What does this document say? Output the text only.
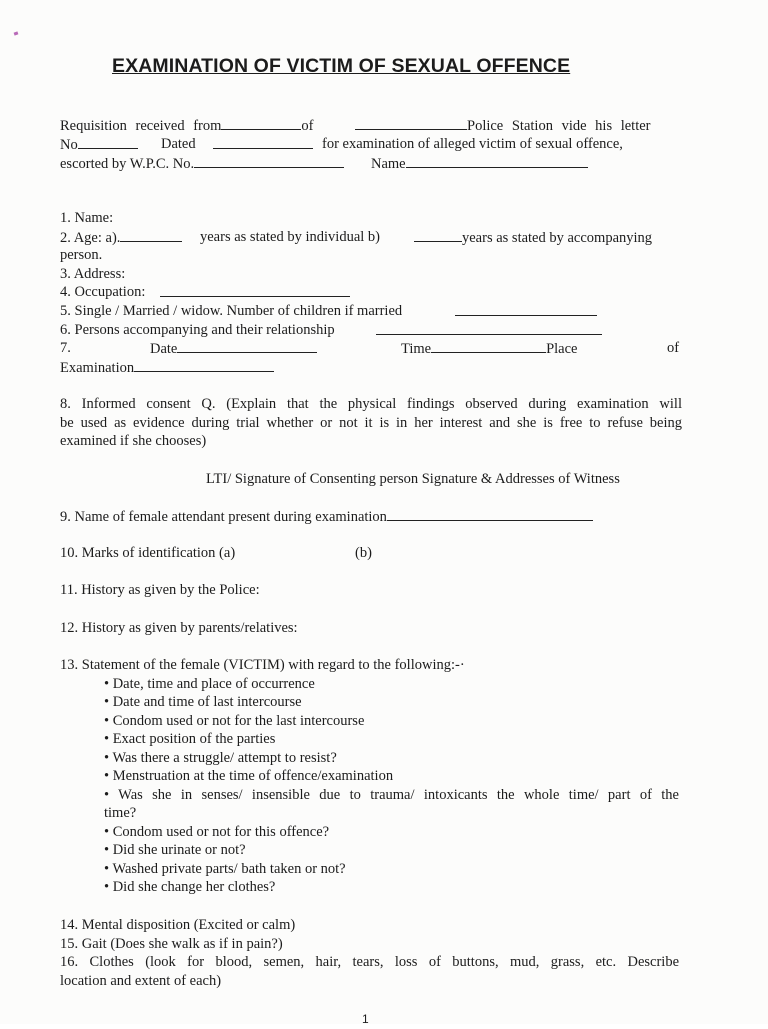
EXAMINATION OF VICTIM OF SEXUAL OFFENCE
Requisition received from	of	Police Station vide his letter
No	Dated	for examination of alleged victim of sexual offence,
escorted by W.P.C. No.	Name
1. Name:
2. Age: a).	years as stated by individual b)	years as stated by accompanying
person.
3. Address:
4. Occupation:
5. Single / Married / widow. Number of children if married
6. Persons accompanying and their relationship
7.	Date	Time	Place	of
Examination
8. Informed consent Q. (Explain that the physical findings observed during examination will
be used as evidence during trial whether or not it is in her interest and she is free to refuse being
examined if she chooses)
LTI/ Signature of Consenting person Signature & Addresses of Witness
9. Name of female attendant present during examination
10. Marks of identification (a)	(b)
11. History as given by the Police:
12. History as given by parents/relatives:
13. Statement of the female (VICTIM) with regard to the following:-·
• Date, time and place of occurrence
• Date and time of last intercourse
• Condom used or not for the last intercourse
• Exact position of the parties
• Was there a struggle/ attempt to resist?
• Menstruation at the time of offence/examination
• Was she in senses/ insensible due to trauma/ intoxicants the whole time/ part of the
time?
• Condom used or not for this offence?
• Did she urinate or not?
• Washed private parts/ bath taken or not?
• Did she change her clothes?
14. Mental disposition (Excited or calm)
15. Gait (Does she walk as if in pain?)
16. Clothes (look for blood, semen, hair, tears, loss of buttons, mud, grass, etc. Describe
location and extent of each)
1
